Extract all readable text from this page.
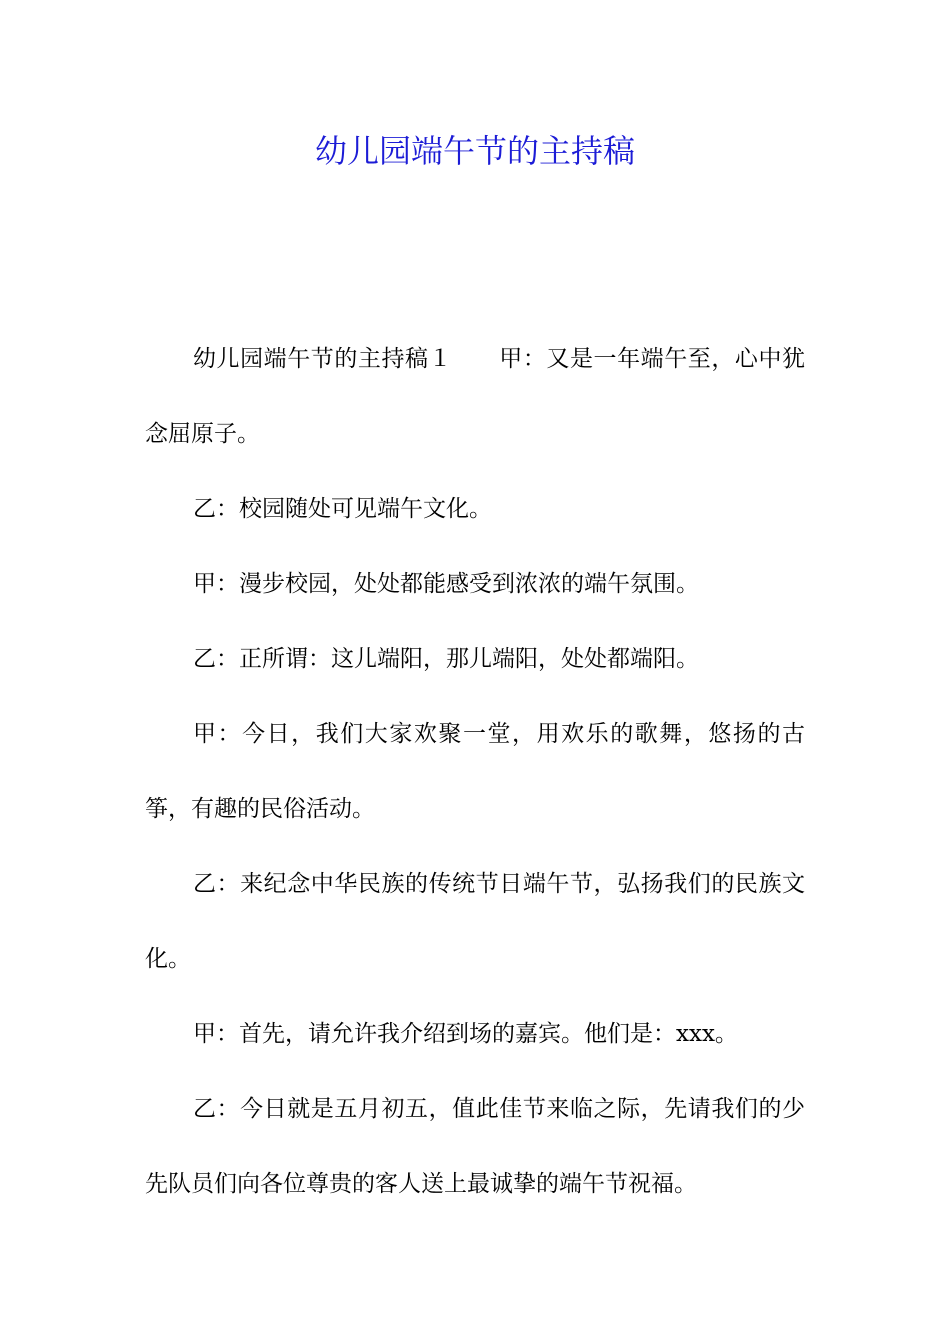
幼儿园端午节的主持稿

幼儿园端午节的主持稿１　　甲：又是一年端午至，心中犹念屈原子。

乙：校园随处可见端午文化。

甲：漫步校园，处处都能感受到浓浓的端午氛围。

乙：正所谓：这儿端阳，那儿端阳，处处都端阳。

甲：今日，我们大家欢聚一堂，用欢乐的歌舞，悠扬的古筝，有趣的民俗活动。

乙：来纪念中华民族的传统节日端午节，弘扬我们的民族文化。

甲：首先，请允许我介绍到场的嘉宾。他们是：xxx。

乙：今日就是五月初五，值此佳节来临之际，先请我们的少先队员们向各位尊贵的客人送上最诚挚的端午节祝福。
